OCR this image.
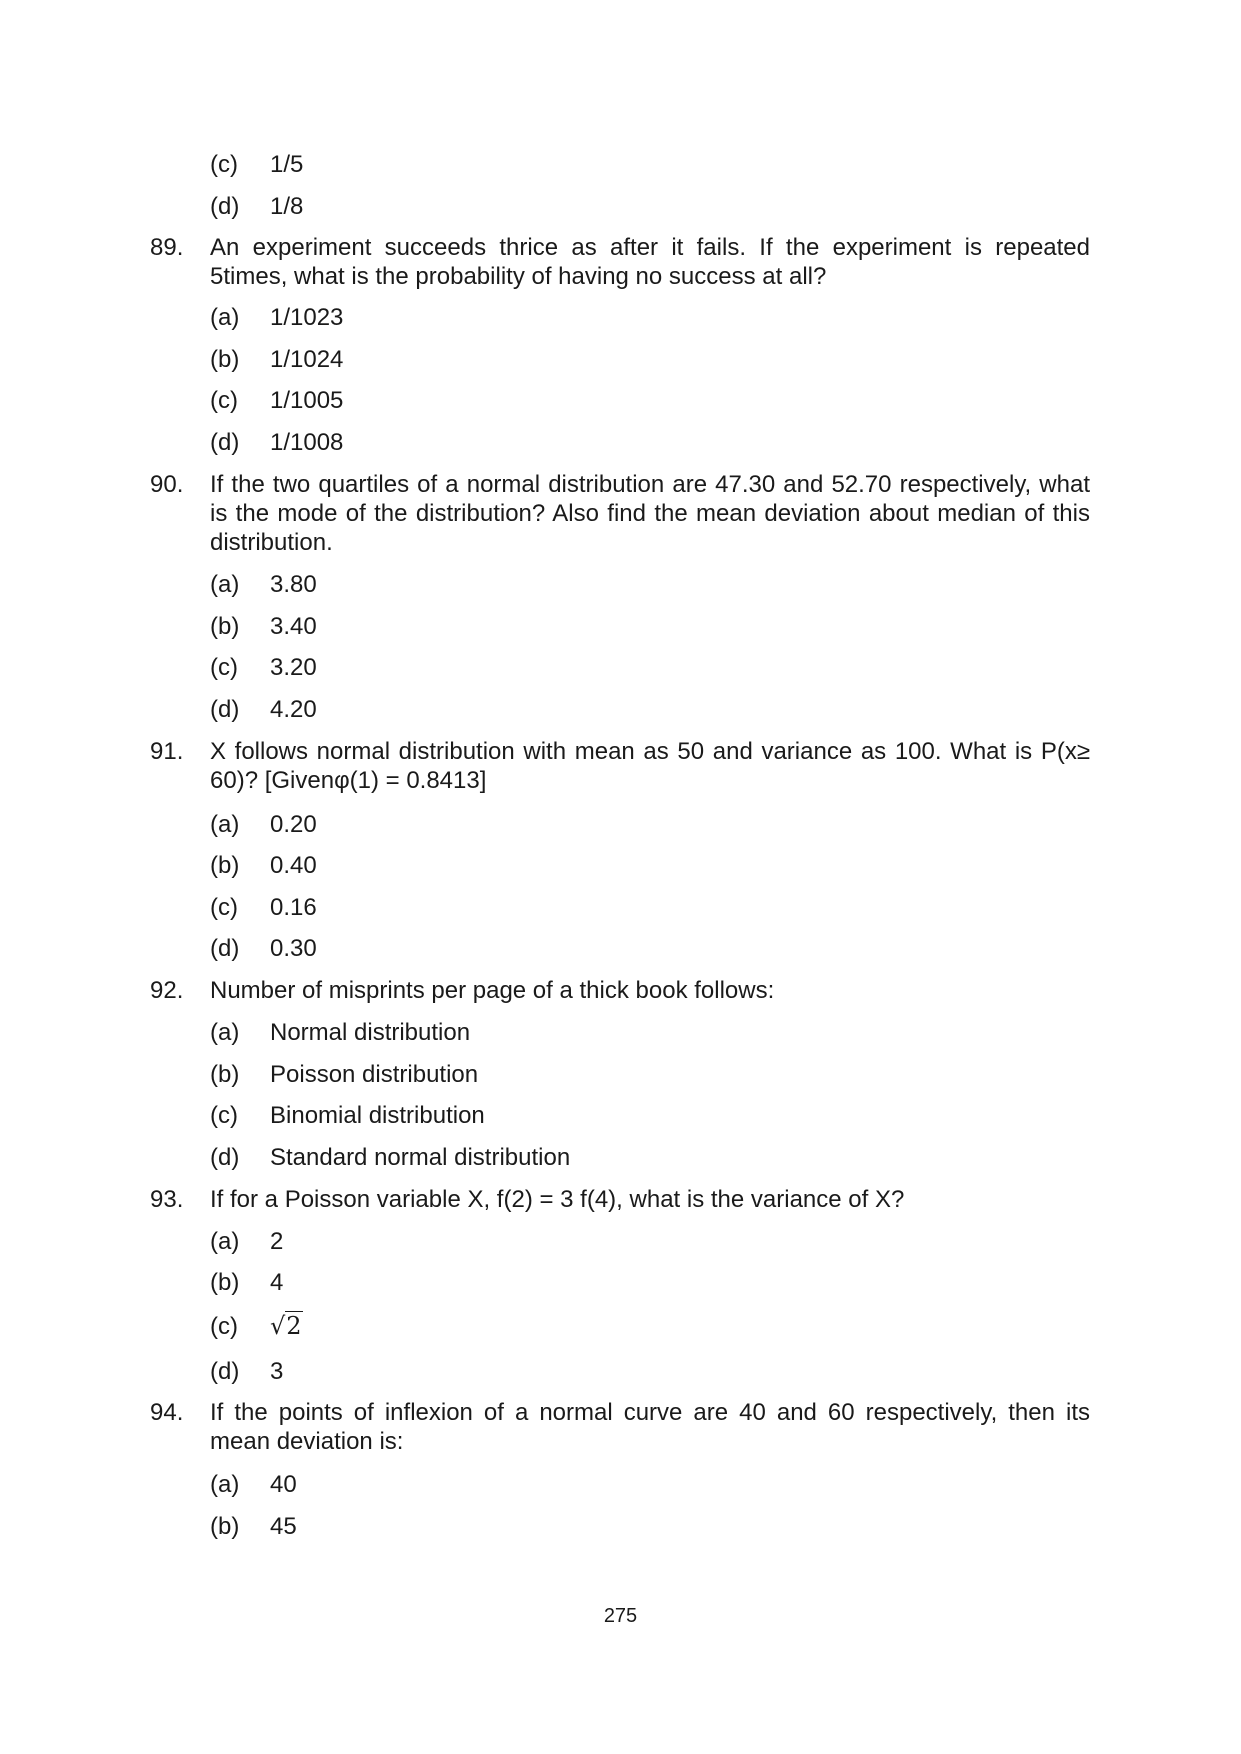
(c) 1/5
(d) 1/8
89.	An experiment succeeds thrice as after it fails. If the experiment is repeated 5times, what is the probability of having no success at all?
(a) 1/1023
(b) 1/1024
(c) 1/1005
(d) 1/1008
90.	If the two quartiles of a normal distribution are 47.30 and 52.70 respectively, what is the mode of the distribution? Also find the mean deviation about median of this distribution.
(a) 3.80
(b) 3.40
(c) 3.20
(d) 4.20
91.	X follows normal distribution with mean as 50 and variance as 100. What is P(x≥ 60)? [Givenφ(1) = 0.8413]
(a) 0.20
(b) 0.40
(c) 0.16
(d) 0.30
92.	Number of misprints per page of a thick book follows:
(a) Normal distribution
(b) Poisson distribution
(c) Binomial distribution
(d) Standard normal distribution
93.	If for a Poisson variable X, f(2) = 3 f(4), what is the variance of X?
(a) 2
(b) 4
(c) √2
(d) 3
94.	If the points of inflexion of a normal curve are 40 and 60 respectively, then its mean deviation is:
(a) 40
(b) 45
275
